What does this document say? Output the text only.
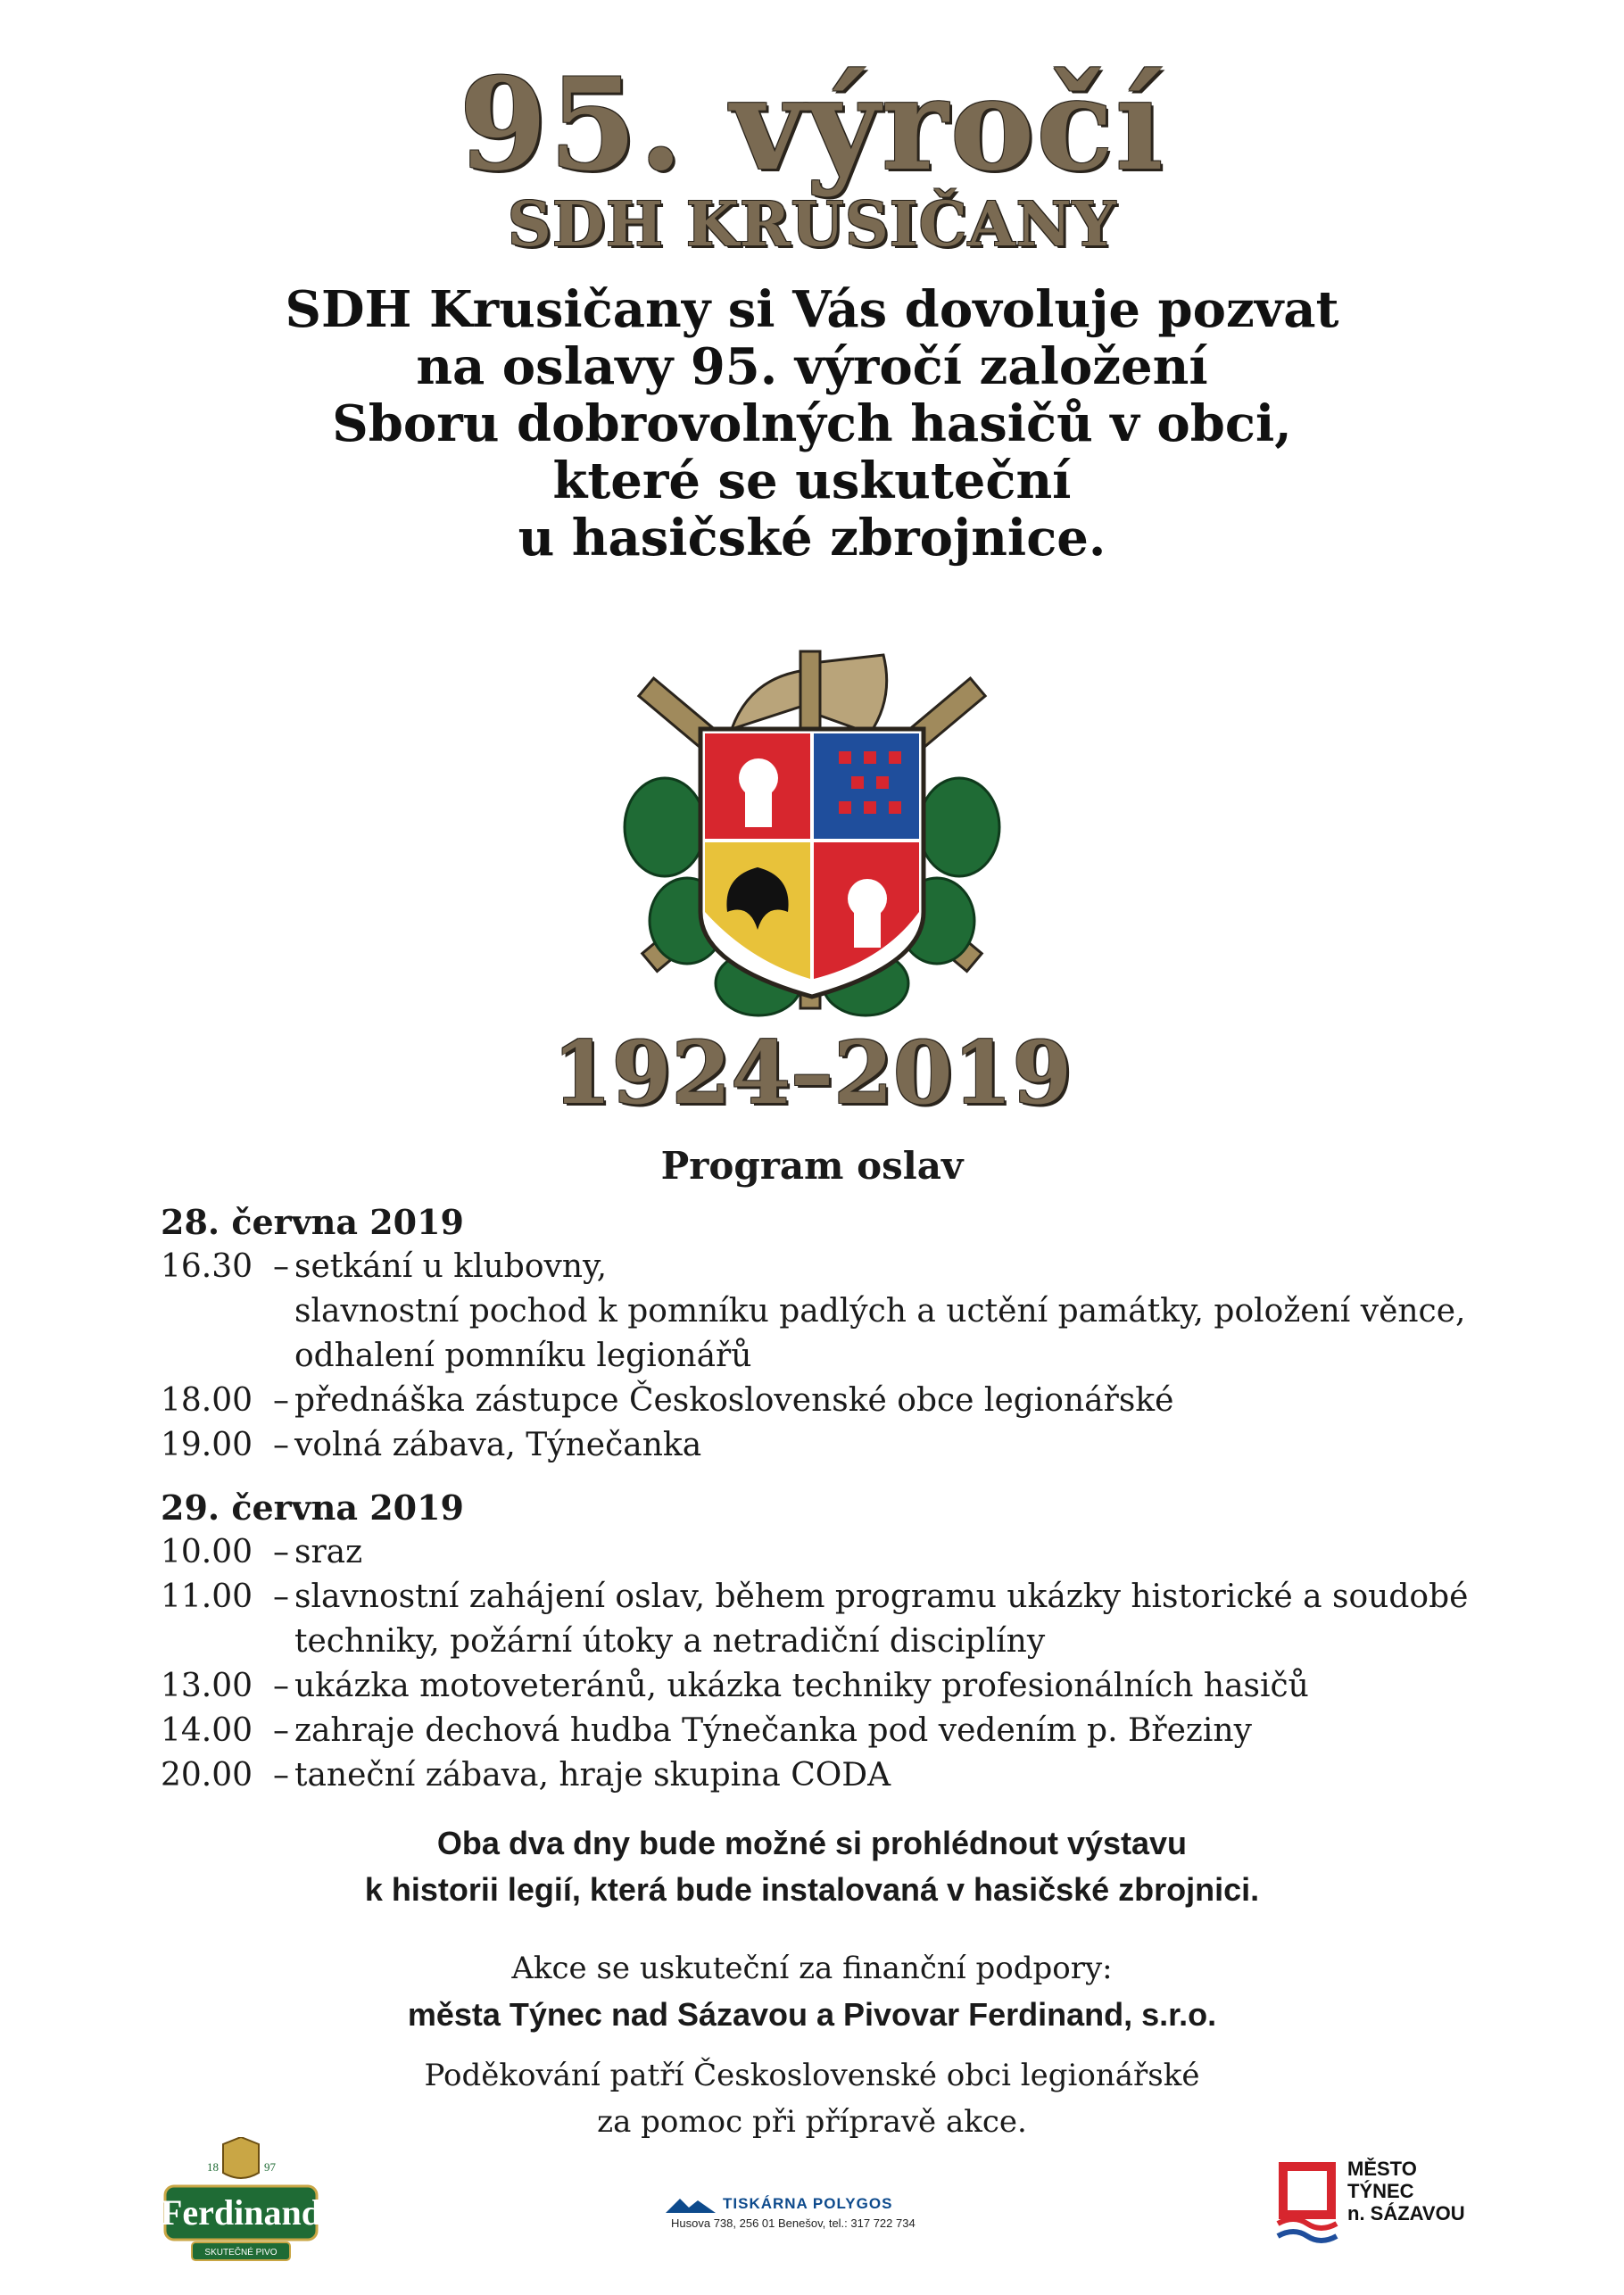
95. výročí
SDH KRUSIČANY
SDH Krusičany si Vás dovoluje pozvat
na oslavy 95. výročí založení
Sboru dobrovolných hasičů v obci,
které se uskuteční
u hasičské zbrojnice.
1924–2019
Program oslav
28. června 2019
16.30 – setkání u klubovny,
slavnostní pochod k pomníku padlých a uctění památky, položení věnce,
odhalení pomníku legionářů
18.00 – přednáška zástupce Československé obce legionářské
19.00 – volná zábava, Týnečanka
29. června 2019
10.00 – sraz
11.00 – slavnostní zahájení oslav, během programu ukázky historické a soudobé
techniky, požární útoky a netradiční disciplíny
13.00 – ukázka motoveteránů, ukázka techniky profesionálních hasičů
14.00 – zahraje dechová hudba Týnečanka pod vedením p. Březiny
20.00 – taneční zábava, hraje skupina CODA
Oba dva dny bude možné si prohlédnout výstavu
k historii legií, která bude instalovaná v hasičské zbrojnici.
Akce se uskuteční za finanční podpory:
města Týnec nad Sázavou a Pivovar Ferdinand, s.r.o.
Poděkování patří Československé obci legionářské
za pomoc při přípravě akce.
18	97
Ferdinand
SKUTEČNÉ PIVO
TISKÁRNA POLYGOS
Husova 738, 256 01 Benešov, tel.: 317 722 734
MĚSTO
TÝNEC
n. SÁZAVOU
